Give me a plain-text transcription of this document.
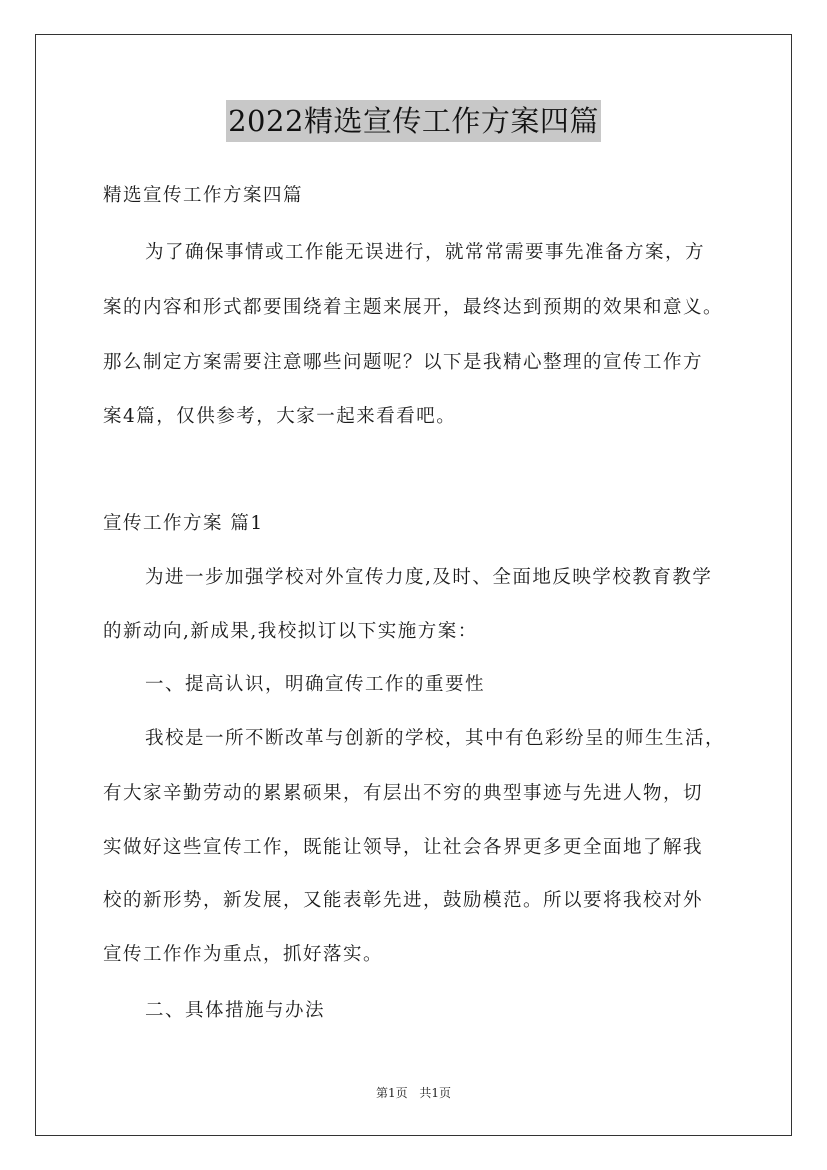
2022精选宣传工作方案四篇
精选宣传工作方案四篇
为了确保事情或工作能无误进行，就常常需要事先准备方案，方
案的内容和形式都要围绕着主题来展开，最终达到预期的效果和意义。
那么制定方案需要注意哪些问题呢？以下是我精心整理的宣传工作方
案4篇，仅供参考，大家一起来看看吧。
宣传工作方案 篇1
为进一步加强学校对外宣传力度,及时、全面地反映学校教育教学
的新动向,新成果,我校拟订以下实施方案：
一、提高认识，明确宣传工作的重要性
我校是一所不断改革与创新的学校，其中有色彩纷呈的师生生活，
有大家辛勤劳动的累累硕果，有层出不穷的典型事迹与先进人物，切
实做好这些宣传工作，既能让领导，让社会各界更多更全面地了解我
校的新形势，新发展，又能表彰先进，鼓励模范。所以要将我校对外
宣传工作作为重点，抓好落实。
二、具体措施与办法
第1页 共1页
